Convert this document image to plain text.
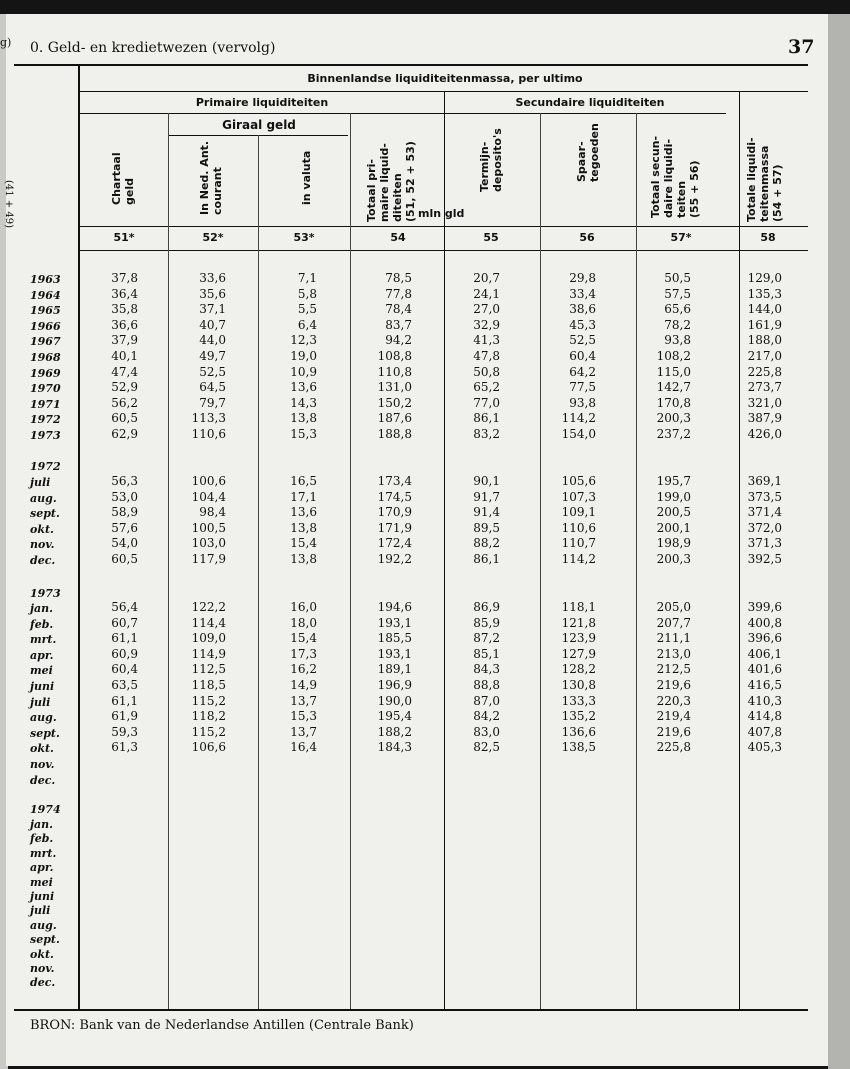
g)
(41 + 49)
0. Geld- en kredietwezen (vervolg)	37
Binnenlandse liquiditeitenmassa, per ultimo
Primaire liquiditeiten	Secundaire liquiditeiten
Giraal geld
mln gld
Chartaal
geld
In Ned. Ant.
courant	in valuta	Totaal pri-
maire liquid-
diteiten
(51, 52 + 53)	Termijn-
deposito's	Spaar-
tegoeden
Totaal secun-
daire liquidi-
teiten
(55 + 56)
Totale liquidi-
teitenmassa
(54 + 57)
51*	52*	53*	54	55	56	57*	58
1963	37,8	33,6	7,1	78,5	20,7	29,8	50,5	129,0
1964	36,4	35,6	5,8	77,8	24,1	33,4	57,5	135,3
1965	35,8	37,1	5,5	78,4	27,0	38,6	65,6	144,0
1966	36,6	40,7	6,4	83,7	32,9	45,3	78,2	161,9
1967	37,9	44,0	12,3	94,2	41,3	52,5	93,8	188,0
1968	40,1	49,7	19,0	108,8	47,8	60,4	108,2	217,0
1969	47,4	52,5	10,9	110,8	50,8	64,2	115,0	225,8
1970	52,9	64,5	13,6	131,0	65,2	77,5	142,7	273,7
1971	56,2	79,7	14,3	150,2	77,0	93,8	170,8	321,0
1972	60,5	113,3	13,8	187,6	86,1	114,2	200,3	387,9
1973	62,9	110,6	15,3	188,8	83,2	154,0	237,2	426,0
1972
juli	56,3	100,6	16,5	173,4	90,1	105,6	195,7	369,1
aug.	53,0	104,4	17,1	174,5	91,7	107,3	199,0	373,5
sept.	58,9	98,4	13,6	170,9	91,4	109,1	200,5	371,4
okt.	57,6	100,5	13,8	171,9	89,5	110,6	200,1	372,0
nov.	54,0	103,0	15,4	172,4	88,2	110,7	198,9	371,3
dec.	60,5	117,9	13,8	192,2	86,1	114,2	200,3	392,5
1973
jan.	56,4	122,2	16,0	194,6	86,9	118,1	205,0	399,6
feb.	60,7	114,4	18,0	193,1	85,9	121,8	207,7	400,8
mrt.	61,1	109,0	15,4	185,5	87,2	123,9	211,1	396,6
apr.	60,9	114,9	17,3	193,1	85,1	127,9	213,0	406,1
mei	60,4	112,5	16,2	189,1	84,3	128,2	212,5	401,6
juni	63,5	118,5	14,9	196,9	88,8	130,8	219,6	416,5
juli	61,1	115,2	13,7	190,0	87,0	133,3	220,3	410,3
aug.	61,9	118,2	15,3	195,4	84,2	135,2	219,4	414,8
sept.	59,3	115,2	13,7	188,2	83,0	136,6	219,6	407,8
okt.	61,3	106,6	16,4	184,3	82,5	138,5	225,8	405,3
nov.
dec.
1974
jan.
feb.
mrt.
apr.
mei
juni
juli
aug.
sept.
okt.
nov.
dec.
BRON: Bank van de Nederlandse Antillen (Centrale Bank)
